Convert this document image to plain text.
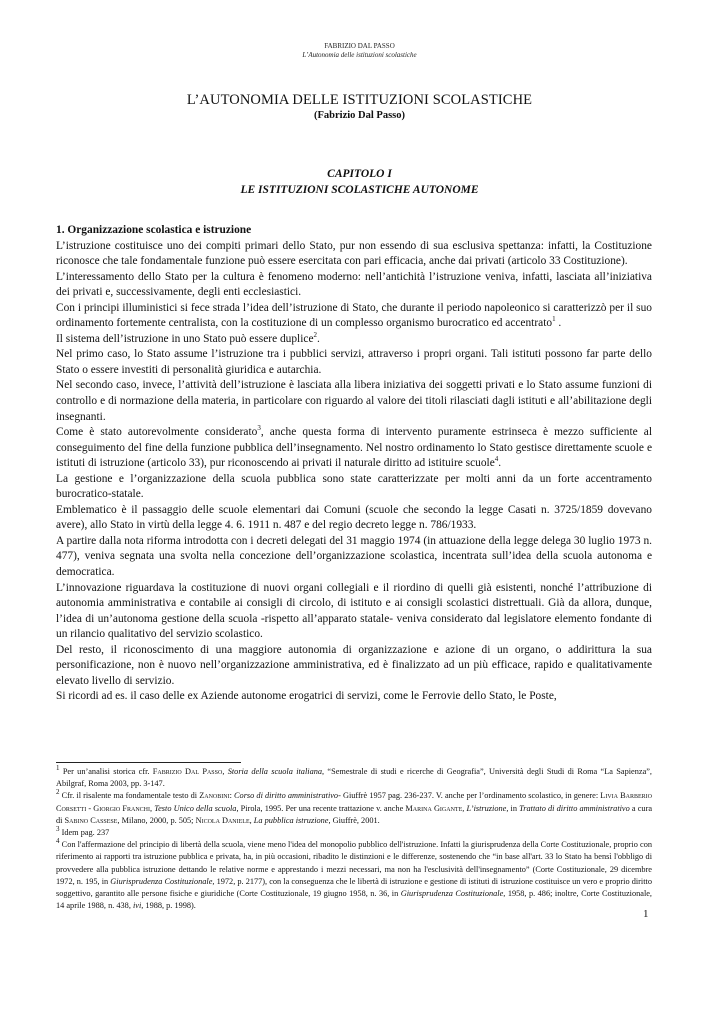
FABRIZIO DAL PASSO
L’Autonomia delle istituzioni scolastiche
L’AUTONOMIA DELLE ISTITUZIONI SCOLASTICHE
(Fabrizio Dal Passo)
CAPITOLO I
LE ISTITUZIONI SCOLASTICHE AUTONOME

1. Organizzazione scolastica e istruzione

L’istruzione costituisce uno dei compiti primari dello Stato, pur non essendo di sua esclusiva spettanza: infatti, la Costituzione riconosce che tale fondamentale funzione può essere esercitata con pari efficacia, anche dai privati (articolo 33 Costituzione).

L’interessamento dello Stato per la cultura è fenomeno moderno: nell’antichità l’istruzione veniva, infatti, lasciata all’iniziativa dei privati e, successivamente, degli enti ecclesiastici.

Con i principi illuministici si fece strada l’idea dell’istruzione di Stato, che durante il periodo napoleonico si caratterizzò per il suo ordinamento fortemente centralista, con la costituzione di un complesso organismo burocratico ed accentrato$^1$ .

Il sistema dell’istruzione in uno Stato può essere duplice$^2$.

Nel primo caso, lo Stato assume l’istruzione tra i pubblici servizi, attraverso i propri organi. Tali istituti possono far parte dello Stato o essere investiti di personalità giuridica e autarchia.

Nel secondo caso, invece, l’attività dell’istruzione è lasciata alla libera iniziativa dei soggetti privati e lo Stato assume funzioni di controllo e di normazione della materia, in particolare con riguardo al valore dei titoli rilasciati dagli istituti e all’abilitazione degli insegnanti.

Come è stato autorevolmente considerato$^3$, anche questa forma di intervento puramente estrinseca è mezzo sufficiente al conseguimento del fine della funzione pubblica dell’insegnamento. Nel nostro ordinamento lo Stato gestisce direttamente scuole e istituti di istruzione (articolo 33), pur riconoscendo ai privati il naturale diritto ad istituire scuole$^4$.

La gestione e l’organizzazione della scuola pubblica sono state caratterizzate per molti anni da un forte accentramento burocratico-statale.

Emblematico è il passaggio delle scuole elementari dai Comuni (scuole che secondo la legge Casati n. 3725/1859 dovevano avere), allo Stato in virtù della legge 4. 6. 1911 n. 487 e del regio decreto legge n. 786/1933.

A partire dalla nota riforma introdotta con i decreti delegati del 31 maggio 1974 (in attuazione della legge delega 30 luglio 1973 n. 477), veniva segnata una svolta nella concezione dell’organizzazione scolastica, incentrata sull’idea della scuola autonoma e democratica.

L’innovazione riguardava la costituzione di nuovi organi collegiali e il riordino di quelli già esistenti, nonché l’attribuzione di autonomia amministrativa e contabile ai consigli di circolo, di istituto e ai consigli scolastici distrettuali. Già da allora, dunque, l’idea di un’autonoma gestione della scuola -rispetto all’apparato statale- veniva considerato dal legislatore elemento fondante di un rilancio qualitativo del servizio scolastico.

Del resto, il riconoscimento di una maggiore autonomia di organizzazione e azione di un organo, o addirittura la sua personificazione, non è nuovo nell’organizzazione amministrativa, ed è finalizzato ad un più efficace, rapido e qualitativamente elevato livello di servizio.

Si ricordi ad es. il caso delle ex Aziende autonome erogatrici di servizi, come le Ferrovie dello Stato, le Poste,

$^1$ Per un’analisi storica cfr. Fabrizio Dal Passo, Storia della scuola italiana, “Semestrale di studi e ricerche di Geografia”, Università degli Studi di Roma “La Sapienza”, Abilgraf, Roma 2003, pp. 3-147.

$^2$ Cfr. il risalente ma fondamentale testo di Zanobini: Corso di diritto amministrativo- Giuffrè 1957 pag. 236-237. V. anche per l’ordinamento scolastico, in genere: Livia Barberio Corsetti - Giorgio Franchi, Testo Unico della scuola, Pirola, 1995. Per una recente trattazione v. anche Marina Gigante, L’istruzione, in Trattato di diritto amministrativo a cura di Sabino Cassese, Milano, 2000, p. 505; Nicola Daniele, La pubblica istruzione, Giuffrè, 2001.

$^3$ Idem pag. 237

$^4$ Con l'affermazione del principio di libertà della scuola, viene meno l'idea del monopolio pubblico dell'istruzione. Infatti la giurisprudenza della Corte Costituzionale, proprio con riferimento ai rapporti tra istruzione pubblica e privata, ha, in più occasioni, ribadito le distinzioni e le differenze, sostenendo che “in base all'art. 33 lo Stato ha bensì l'obbligo di provvedere alla pubblica istruzione dettando le relative norme e apprestando i mezzi necessari, ma non ha l'esclusività dell'insegnamento” (Corte Costituzionale, 29 dicembre 1972, n. 195, in Giurisprudenza Costituzionale, 1972, p. 2177), con la conseguenza che le libertà di istruzione e gestione di istituti di istruzione costituisce un vero e proprio diritto soggettivo, garantito alle persone fisiche e giuridiche (Corte Costituzionale, 19 giugno 1958, n. 36, in Giurisprudenza Costituzionale, 1958, p. 486; inoltre, Corte Costituzionale, 14 aprile 1988, n. 438, ivi, 1988, p. 1998).

1
